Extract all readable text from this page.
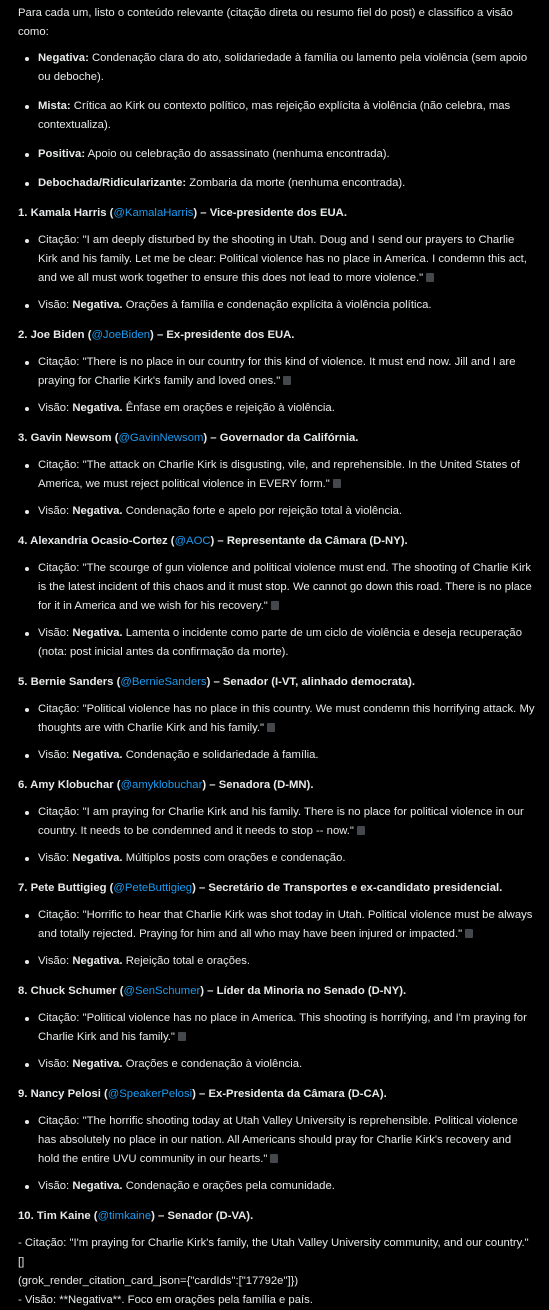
Para cada um, listo o conteúdo relevante (citação direta ou resumo fiel do post) e classifico a visão como:

Negativa: Condenação clara do ato, solidariedade à família ou lamento pela violência (sem apoio ou deboche).
Mista: Crítica ao Kirk ou contexto político, mas rejeição explícita à violência (não celebra, mas contextualiza).
Positiva: Apoio ou celebração do assassinato (nenhuma encontrada).
Debochada/Ridicularizante: Zombaria da morte (nenhuma encontrada).

1. Kamala Harris (@KamalaHarris) – Vice-presidente dos EUA.

Citação: "I am deeply disturbed by the shooting in Utah. Doug and I send our prayers to Charlie Kirk and his family. Let me be clear: Political violence has no place in America. I condemn this act, and we all must work together to ensure this does not lead to more violence."
Visão: Negativa. Orações à família e condenação explícita à violência política.

2. Joe Biden (@JoeBiden) – Ex-presidente dos EUA.

Citação: "There is no place in our country for this kind of violence. It must end now. Jill and I are praying for Charlie Kirk's family and loved ones."
Visão: Negativa. Ênfase em orações e rejeição à violência.

3. Gavin Newsom (@GavinNewsom) – Governador da Califórnia.

Citação: "The attack on Charlie Kirk is disgusting, vile, and reprehensible. In the United States of America, we must reject political violence in EVERY form."
Visão: Negativa. Condenação forte e apelo por rejeição total à violência.

4. Alexandria Ocasio-Cortez (@AOC) – Representante da Câmara (D-NY).

Citação: "The scourge of gun violence and political violence must end. The shooting of Charlie Kirk is the latest incident of this chaos and it must stop. We cannot go down this road. There is no place for it in America and we wish for his recovery."
Visão: Negativa. Lamenta o incidente como parte de um ciclo de violência e deseja recuperação (nota: post inicial antes da confirmação da morte).

5. Bernie Sanders (@BernieSanders) – Senador (I-VT, alinhado democrata).

Citação: "Political violence has no place in this country. We must condemn this horrifying attack. My thoughts are with Charlie Kirk and his family."
Visão: Negativa. Condenação e solidariedade à família.

6. Amy Klobuchar (@amyklobuchar) – Senadora (D-MN).

Citação: "I am praying for Charlie Kirk and his family. There is no place for political violence in our country. It needs to be condemned and it needs to stop -- now."
Visão: Negativa. Múltiplos posts com orações e condenação.

7. Pete Buttigieg (@PeteButtigieg) – Secretário de Transportes e ex-candidato presidencial.

Citação: "Horrific to hear that Charlie Kirk was shot today in Utah. Political violence must be always and totally rejected. Praying for him and all who may have been injured or impacted."
Visão: Negativa. Rejeição total e orações.

8. Chuck Schumer (@SenSchumer) – Líder da Minoria no Senado (D-NY).

Citação: "Political violence has no place in America. This shooting is horrifying, and I'm praying for Charlie Kirk and his family."
Visão: Negativa. Orações e condenação à violência.

9. Nancy Pelosi (@SpeakerPelosi) – Ex-Presidenta da Câmara (D-CA).

Citação: "The horrific shooting today at Utah Valley University is reprehensible. Political violence has absolutely no place in our nation. All Americans should pray for Charlie Kirk's recovery and hold the entire UVU community in our hearts."
Visão: Negativa. Condenação e orações pela comunidade.

10. Tim Kaine (@timkaine) – Senador (D-VA).

- Citação: "I'm praying for Charlie Kirk's family, the Utah Valley University community, and our country." []

(grok_render_citation_card_json={"cardIds":["17792e"]})

- Visão: **Negativa**. Foco em orações pela família e país.
